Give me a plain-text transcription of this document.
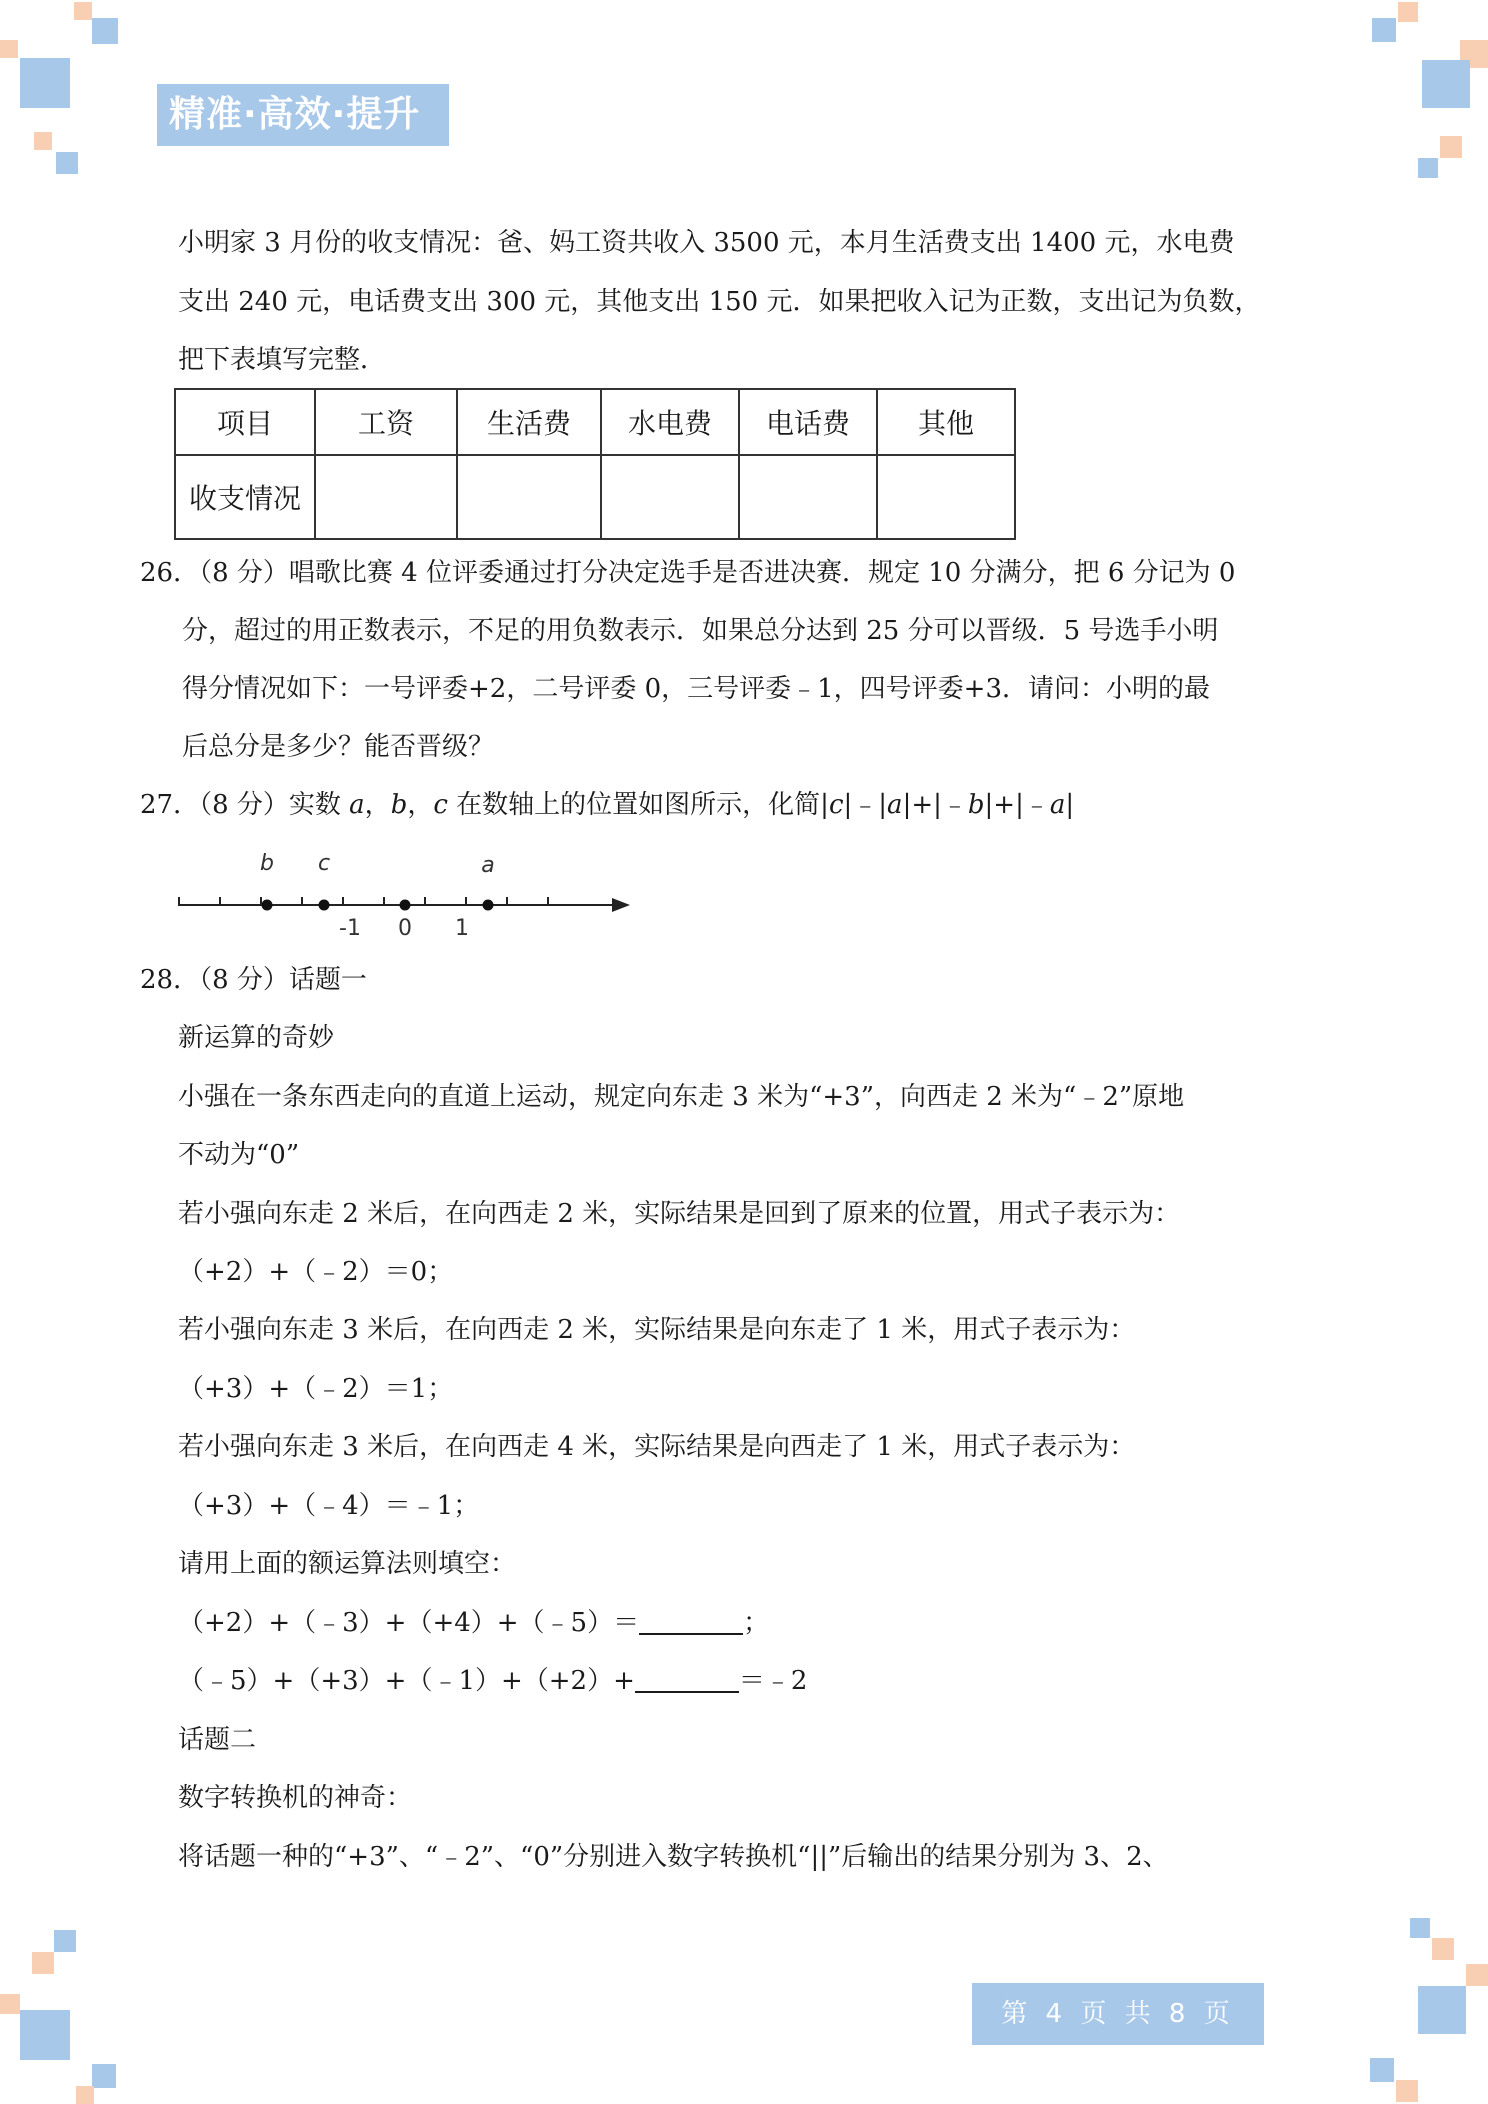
精准·高效·提升
小明家 3 月份的收支情况：爸、妈工资共收入 3500 元，本月生活费支出 1400 元，水电费
支出 240 元，电话费支出 300 元，其他支出 150 元．如果把收入记为正数，支出记为负数，
把下表填写完整．
项目	工资	生活费	水电费	电话费	其他
收支情况					
26．（8 分）唱歌比赛 4 位评委通过打分决定选手是否进决赛．规定 10 分满分，把 6 分记为 0
分，超过的用正数表示，不足的用负数表示．如果总分达到 25 分可以晋级．5 号选手小明
得分情况如下：一号评委+2，二号评委 0，三号评委﹣1，四号评委+3．请问：小明的最
后总分是多少？能否晋级？
27．（8 分）实数 a，b，c 在数轴上的位置如图所示，化简|c|﹣|a|+|﹣b|+|﹣a|
b c	a
-1 0 1
28．（8 分）话题一
新运算的奇妙
小强在一条东西走向的直道上运动，规定向东走 3 米为“+3”，向西走 2 米为“﹣2”原地
不动为“0”
若小强向东走 2 米后，在向西走 2 米，实际结果是回到了原来的位置，用式子表示为：
（+2）+（﹣2）＝0；
若小强向东走 3 米后，在向西走 2 米，实际结果是向东走了 1 米，用式子表示为：
（+3）+（﹣2）＝1；
若小强向东走 3 米后，在向西走 4 米，实际结果是向西走了 1 米，用式子表示为：
（+3）+（﹣4）＝﹣1；
请用上面的额运算法则填空：
（+2）+（﹣3）+（+4）+（﹣5）＝	；
（﹣5）+（+3）+（﹣1）+（+2）+	＝﹣2
话题二
数字转换机的神奇：
将话题一种的“+3”、“﹣2”、“0”分别进入数字转换机“||”后输出的结果分别为 3、2、
第 4 页 共 8 页
